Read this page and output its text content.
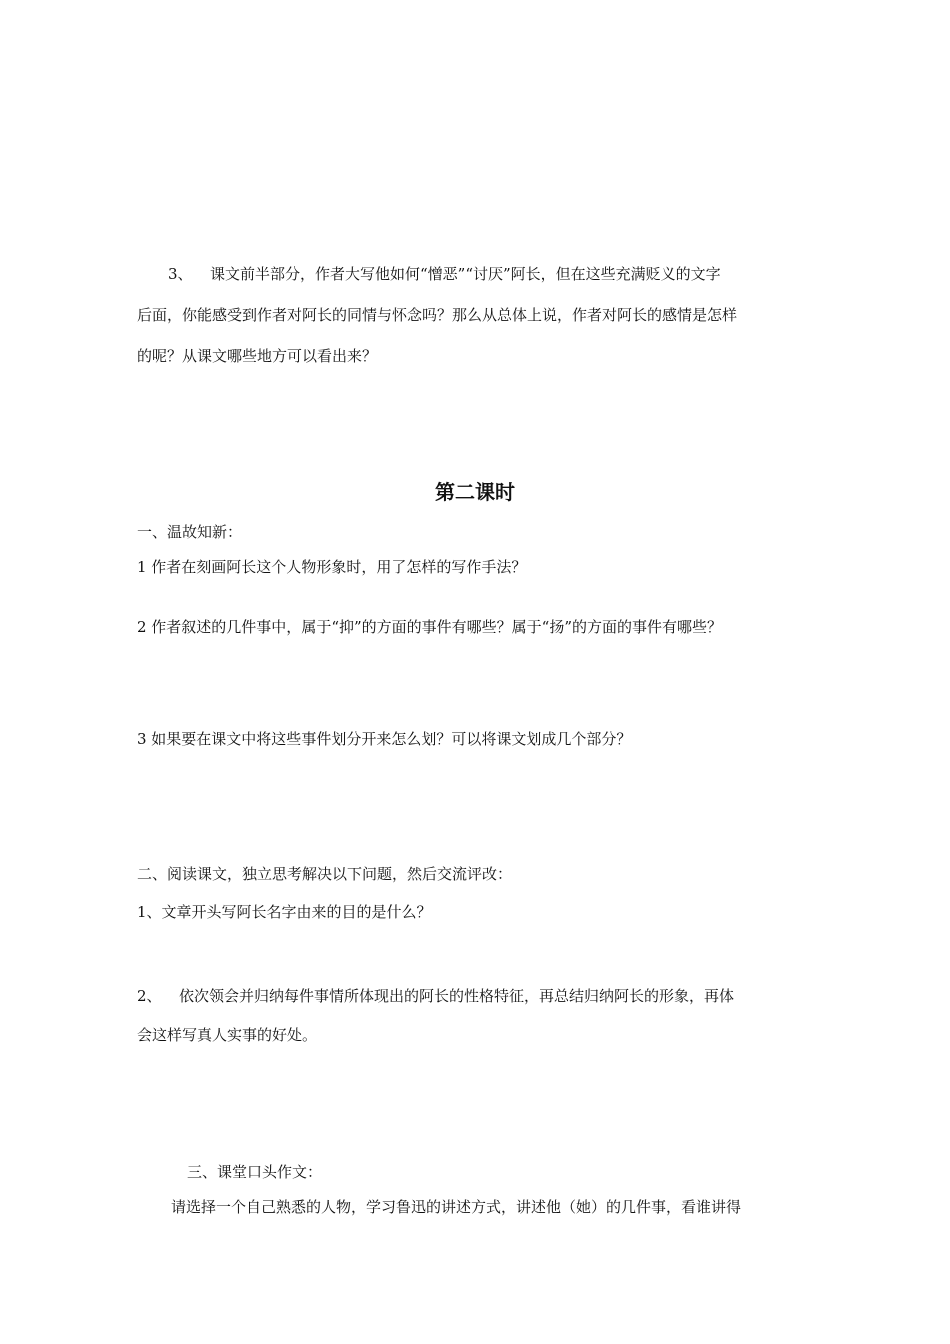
3、 课文前半部分，作者大写他如何“憎恶”“讨厌”阿长，但在这些充满贬义的文字
后面，你能感受到作者对阿长的同情与怀念吗？那么从总体上说，作者对阿长的感情是怎样
的呢？从课文哪些地方可以看出来？
第二课时
一、温故知新：
1 作者在刻画阿长这个人物形象时，用了怎样的写作手法？
2 作者叙述的几件事中，属于“抑”的方面的事件有哪些？属于“扬”的方面的事件有哪些？
3 如果要在课文中将这些事件划分开来怎么划？可以将课文划成几个部分？
二、阅读课文，独立思考解决以下问题，然后交流评改：
1、文章开头写阿长名字由来的目的是什么？
2、 依次领会并归纳每件事情所体现出的阿长的性格特征，再总结归纳阿长的形象，再体
会这样写真人实事的好处。
三、课堂口头作文：
请选择一个自己熟悉的人物，学习鲁迅的讲述方式，讲述他（她）的几件事，看谁讲得
